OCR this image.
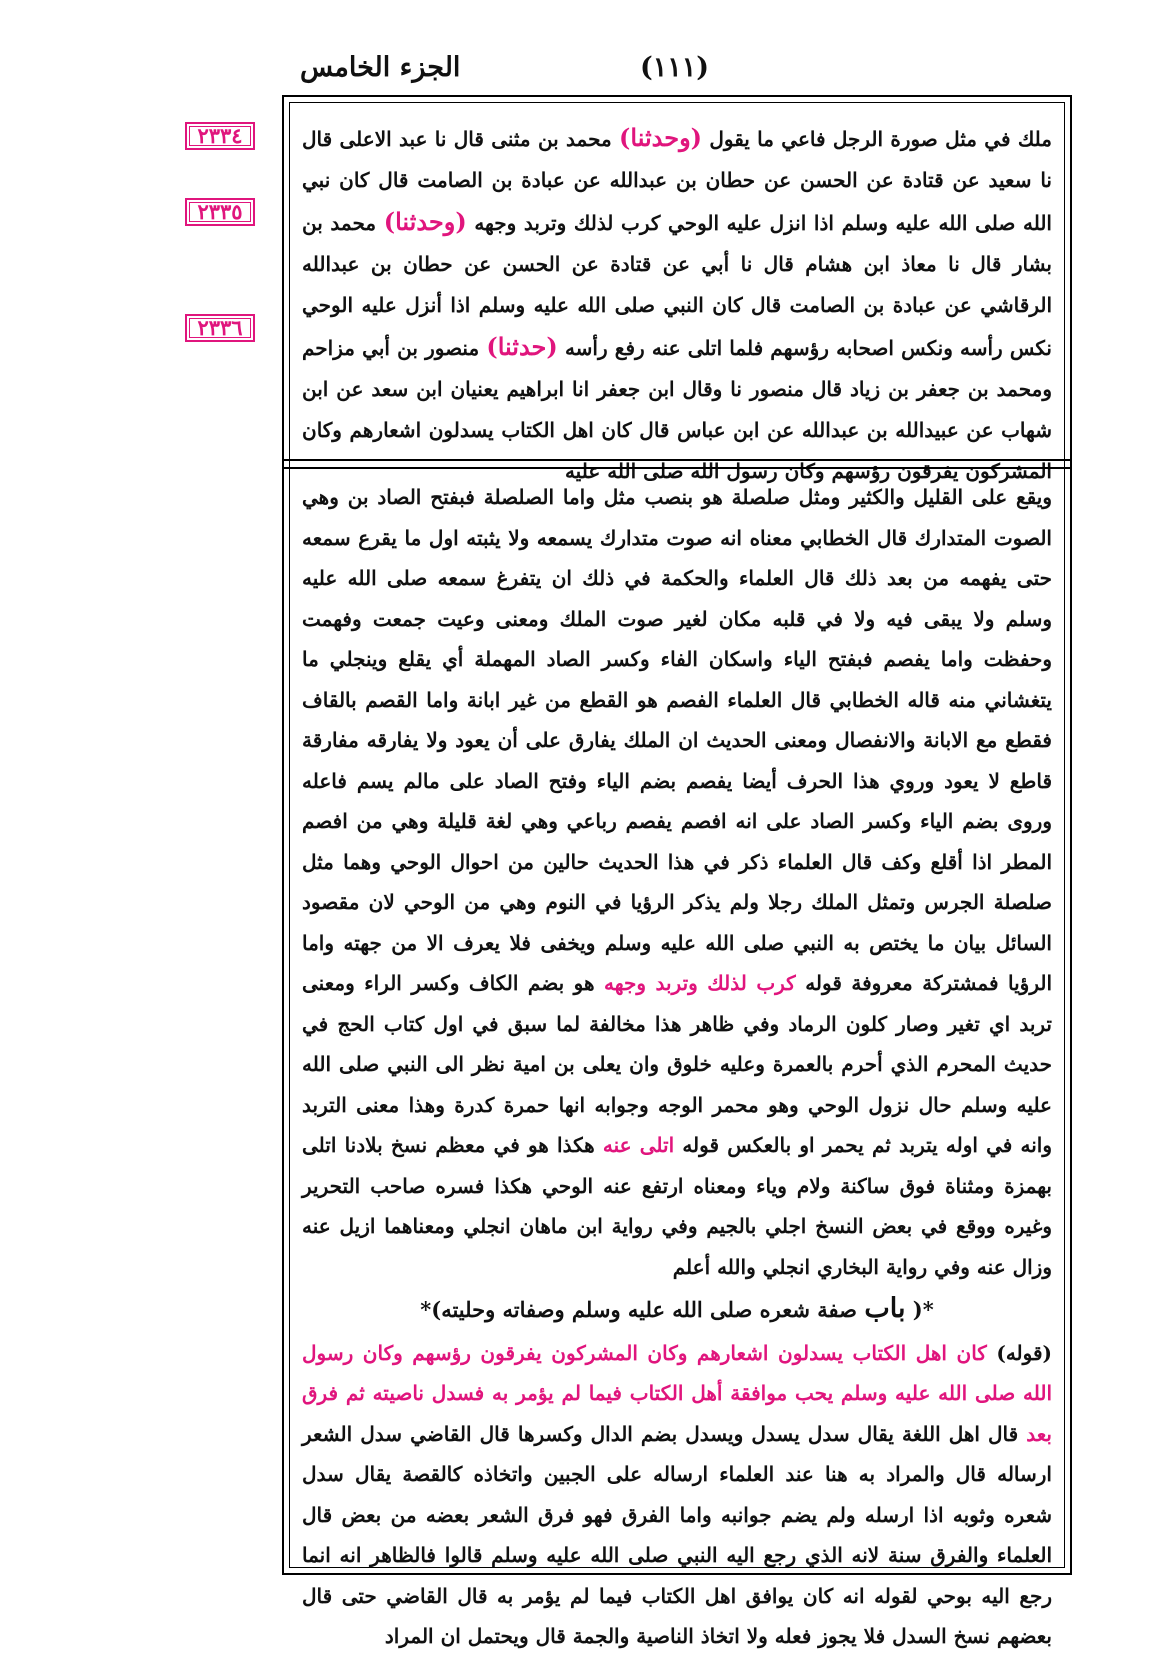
الجزء الخامس	(١١١)
٢٣٣٤
٢٣٣٥
٢٣٣٦
ملك في مثل صورة الرجل فاعي ما يقول (وحدثنا) محمد بن مثنى قال نا عبد الاعلى قال نا سعيد عن قتادة عن الحسن عن حطان بن عبدالله عن عبادة بن الصامت قال كان نبي الله صلى الله عليه وسلم اذا انزل عليه الوحي كرب لذلك وتربد وجهه (وحدثنا) محمد بن بشار قال نا معاذ ابن هشام قال نا أبي عن قتادة عن الحسن عن حطان بن عبدالله الرقاشي عن عبادة بن الصامت قال كان النبي صلى الله عليه وسلم اذا أنزل عليه الوحي نكس رأسه ونكس اصحابه رؤسهم فلما اتلى عنه رفع رأسه (حدثنا) منصور بن أبي مزاحم ومحمد بن جعفر بن زياد قال منصور نا وقال ابن جعفر انا ابراهيم يعنيان ابن سعد عن ابن شهاب عن عبيدالله بن عبدالله عن ابن عباس قال كان اهل الكتاب يسدلون اشعارهم وكان المشركون يفرقون رؤسهم وكان رسول الله صلى الله عليه

ويقع على القليل والكثير ومثل صلصلة هو بنصب مثل واما الصلصلة فبفتح الصاد بن وهي الصوت المتدارك قال الخطابي معناه انه صوت متدارك يسمعه ولا يثبته اول ما يقرع سمعه حتى يفهمه من بعد ذلك قال العلماء والحكمة في ذلك ان يتفرغ سمعه صلى الله عليه وسلم ولا يبقى فيه ولا في قلبه مكان لغير صوت الملك ومعنى وعيت جمعت وفهمت وحفظت واما يفصم فبفتح الياء واسكان الفاء وكسر الصاد المهملة أي يقلع وينجلي ما يتغشاني منه قاله الخطابي قال العلماء الفصم هو القطع من غير ابانة واما القصم بالقاف فقطع مع الابانة والانفصال ومعنى الحديث ان الملك يفارق على أن يعود ولا يفارقه مفارقة قاطع لا يعود وروي هذا الحرف أيضا يفصم بضم الياء وفتح الصاد على مالم يسم فاعله وروى بضم الياء وكسر الصاد على انه افصم يفصم رباعي وهي لغة قليلة وهي من افصم المطر اذا أقلع وكف قال العلماء ذكر في هذا الحديث حالين من احوال الوحي وهما مثل صلصلة الجرس وتمثل الملك رجلا ولم يذكر الرؤيا في النوم وهي من الوحي لان مقصود السائل بيان ما يختص به النبي صلى الله عليه وسلم ويخفى فلا يعرف الا من جهته واما الرؤيا فمشتركة معروفة قوله كرب لذلك وتربد وجهه هو بضم الكاف وكسر الراء ومعنى تربد اي تغير وصار كلون الرماد وفي ظاهر هذا مخالفة لما سبق في اول كتاب الحج في حديث المحرم الذي أحرم بالعمرة وعليه خلوق وان يعلى بن امية نظر الى النبي صلى الله عليه وسلم حال نزول الوحي وهو محمر الوجه وجوابه انها حمرة كدرة وهذا معنى التربد وانه في اوله يتربد ثم يحمر او بالعكس قوله اتلى عنه هكذا هو في معظم نسخ بلادنا اتلى بهمزة ومثناة فوق ساكنة ولام وياء ومعناه ارتفع عنه الوحي هكذا فسره صاحب التحرير وغيره ووقع في بعض النسخ اجلي بالجيم وفي رواية ابن ماهان انجلي ومعناهما ازيل عنه وزال عنه وفي رواية البخاري انجلي والله أعلم

*( باب صفة شعره صلى الله عليه وسلم وصفاته وحليته)*

(قوله) كان اهل الكتاب يسدلون اشعارهم وكان المشركون يفرقون رؤسهم وكان رسول الله صلى الله عليه وسلم يحب موافقة أهل الكتاب فيما لم يؤمر به فسدل ناصيته ثم فرق بعد قال اهل اللغة يقال سدل يسدل ويسدل بضم الدال وكسرها قال القاضي سدل الشعر ارساله قال والمراد به هنا عند العلماء ارساله على الجبين واتخاذه كالقصة يقال سدل شعره وثوبه اذا ارسله ولم يضم جوانبه واما الفرق فهو فرق الشعر بعضه من بعض قال العلماء والفرق سنة لانه الذي رجع اليه النبي صلى الله عليه وسلم قالوا فالظاهر انه انما رجع اليه بوحي لقوله انه كان يوافق اهل الكتاب فيما لم يؤمر به قال القاضي حتى قال بعضهم نسخ السدل فلا يجوز فعله ولا اتخاذ الناصية والجمة قال ويحتمل ان المراد
